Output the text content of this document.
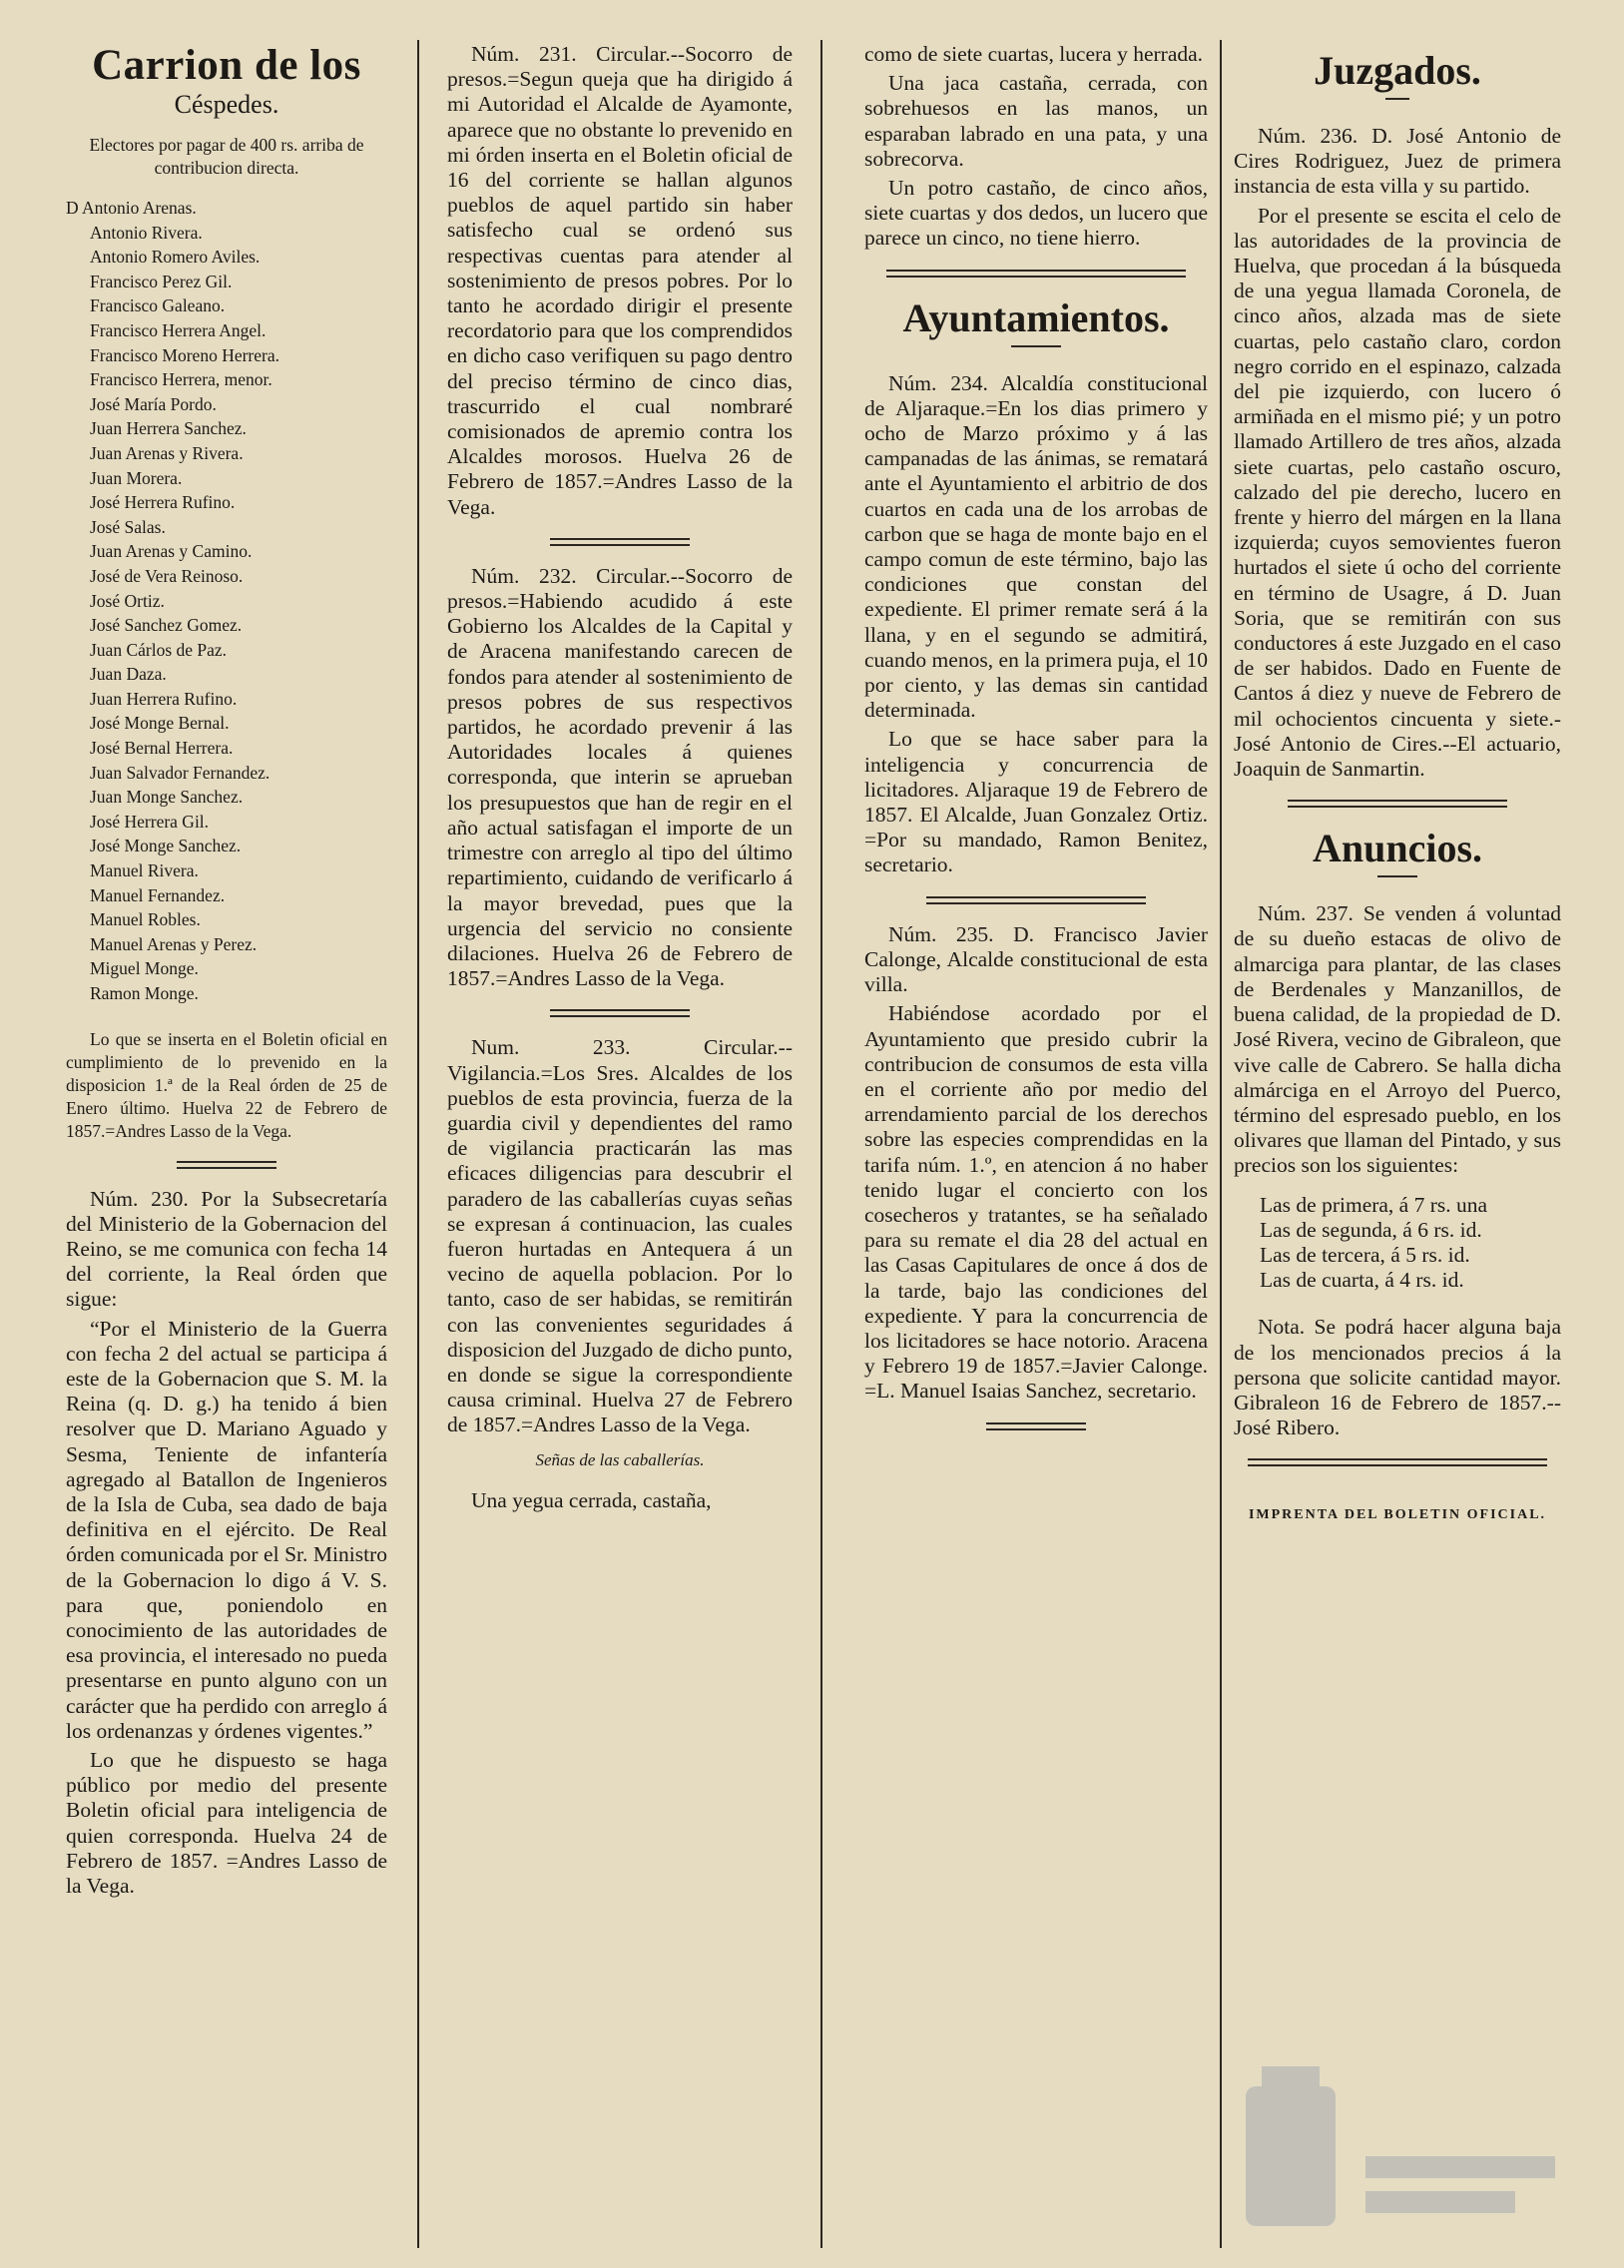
Carrion de los

Céspedes.

Electores por pagar de 400 rs. arriba de contribucion directa.

D Antonio Arenas.
Antonio Rivera.
Antonio Romero Aviles.
Francisco Perez Gil.
Francisco Galeano.
Francisco Herrera Angel.
Francisco Moreno Herrera.
Francisco Herrera, menor.
José María Pordo.
Juan Herrera Sanchez.
Juan Arenas y Rivera.
Juan Morera.
José Herrera Rufino.
José Salas.
Juan Arenas y Camino.
José de Vera Reinoso.
José Ortiz.
José Sanchez Gomez.
Juan Cárlos de Paz.
Juan Daza.
Juan Herrera Rufino.
José Monge Bernal.
José Bernal Herrera.
Juan Salvador Fernandez.
Juan Monge Sanchez.
José Herrera Gil.
José Monge Sanchez.
Manuel Rivera.
Manuel Fernandez.
Manuel Robles.
Manuel Arenas y Perez.
Miguel Monge.
Ramon Monge.

Lo que se inserta en el Boletin oficial en cumplimiento de lo prevenido en la disposicion 1.ª de la Real órden de 25 de Enero último. Huelva 22 de Febrero de 1857.=Andres Lasso de la Vega.

Núm. 230. Por la Subsecretaría del Ministerio de la Gobernacion del Reino, se me comunica con fecha 14 del corriente, la Real órden que sigue:

“Por el Ministerio de la Guerra con fecha 2 del actual se participa á este de la Gobernacion que S. M. la Reina (q. D. g.) ha tenido á bien resolver que D. Mariano Aguado y Sesma, Teniente de infantería agregado al Batallon de Ingenieros de la Isla de Cuba, sea dado de baja definitiva en el ejército. De Real órden comunicada por el Sr. Ministro de la Gobernacion lo digo á V. S. para que, poniendolo en conocimiento de las autoridades de esa provincia, el interesado no pueda presentarse en punto alguno con un carácter que ha perdido con arreglo á los ordenanzas y órdenes vigentes.”

Lo que he dispuesto se haga público por medio del presente Boletin oficial para inteligencia de quien corresponda. Huelva 24 de Febrero de 1857. =Andres Lasso de la Vega.

Núm. 231. Circular.--Socorro de presos.=Segun queja que ha dirigido á mi Autoridad el Alcalde de Ayamonte, aparece que no obstante lo prevenido en mi órden inserta en el Boletin oficial de 16 del corriente se hallan algunos pueblos de aquel partido sin haber satisfecho cual se ordenó sus respectivas cuentas para atender al sostenimiento de presos pobres. Por lo tanto he acordado dirigir el presente recordatorio para que los comprendidos en dicho caso verifiquen su pago dentro del preciso término de cinco dias, trascurrido el cual nombraré comisionados de apremio contra los Alcaldes morosos. Huelva 26 de Febrero de 1857.=Andres Lasso de la Vega.

Núm. 232. Circular.--Socorro de presos.=Habiendo acudido á este Gobierno los Alcaldes de la Capital y de Aracena manifestando carecen de fondos para atender al sostenimiento de presos pobres de sus respectivos partidos, he acordado prevenir á las Autoridades locales á quienes corresponda, que interin se aprueban los presupuestos que han de regir en el año actual satisfagan el importe de un trimestre con arreglo al tipo del último repartimiento, cuidando de verificarlo á la mayor brevedad, pues que la urgencia del servicio no consiente dilaciones. Huelva 26 de Febrero de 1857.=Andres Lasso de la Vega.

Num. 233. Circular.--Vigilancia.=Los Sres. Alcaldes de los pueblos de esta provincia, fuerza de la guardia civil y dependientes del ramo de vigilancia practicarán las mas eficaces diligencias para descubrir el paradero de las caballerías cuyas señas se expresan á continuacion, las cuales fueron hurtadas en Antequera á un vecino de aquella poblacion. Por lo tanto, caso de ser habidas, se remitirán con las convenientes seguridades á disposicion del Juzgado de dicho punto, en donde se sigue la correspondiente causa criminal. Huelva 27 de Febrero de 1857.=Andres Lasso de la Vega.

Señas de las caballerías.

Una yegua cerrada, castaña,

como de siete cuartas, lucera y herrada.

Una jaca castaña, cerrada, con sobrehuesos en las manos, un esparaban labrado en una pata, y una sobrecorva.

Un potro castaño, de cinco años, siete cuartas y dos dedos, un lucero que parece un cinco, no tiene hierro.

Ayuntamientos.

Núm. 234. Alcaldía constitucional de Aljaraque.=En los dias primero y ocho de Marzo próximo y á las campanadas de las ánimas, se rematará ante el Ayuntamiento el arbitrio de dos cuartos en cada una de los arrobas de carbon que se haga de monte bajo en el campo comun de este término, bajo las condiciones que constan del expediente. El primer remate será á la llana, y en el segundo se admitirá, cuando menos, en la primera puja, el 10 por ciento, y las demas sin cantidad determinada.

Lo que se hace saber para la inteligencia y concurrencia de licitadores. Aljaraque 19 de Febrero de 1857. El Alcalde, Juan Gonzalez Ortiz. =Por su mandado, Ramon Benitez, secretario.

Núm. 235. D. Francisco Javier Calonge, Alcalde constitucional de esta villa.

Habiéndose acordado por el Ayuntamiento que presido cubrir la contribucion de consumos de esta villa en el corriente año por medio del arrendamiento parcial de los derechos sobre las especies comprendidas en la tarifa núm. 1.º, en atencion á no haber tenido lugar el concierto con los cosecheros y tratantes, se ha señalado para su remate el dia 28 del actual en las Casas Capitulares de once á dos de la tarde, bajo las condiciones del expediente. Y para la concurrencia de los licitadores se hace notorio. Aracena y Febrero 19 de 1857.=Javier Calonge. =L. Manuel Isaias Sanchez, secretario.

Juzgados.

Núm. 236. D. José Antonio de Cires Rodriguez, Juez de primera instancia de esta villa y su partido.

Por el presente se escita el celo de las autoridades de la provincia de Huelva, que procedan á la búsqueda de una yegua llamada Coronela, de cinco años, alzada mas de siete cuartas, pelo castaño claro, cordon negro corrido en el espinazo, calzada del pie izquierdo, con lucero ó armiñada en el mismo pié; y un potro llamado Artillero de tres años, alzada siete cuartas, pelo castaño oscuro, calzado del pie derecho, lucero en frente y hierro del márgen en la llana izquierda; cuyos semovientes fueron hurtados el siete ú ocho del corriente en término de Usagre, á D. Juan Soria, que se remitirán con sus conductores á este Juzgado en el caso de ser habidos. Dado en Fuente de Cantos á diez y nueve de Febrero de mil ochocientos cincuenta y siete.-José Antonio de Cires.--El actuario, Joaquin de Sanmartin.

Anuncios.

Núm. 237. Se venden á voluntad de su dueño estacas de olivo de almarciga para plantar, de las clases de Berdenales y Manzanillos, de buena calidad, de la propiedad de D. José Rivera, vecino de Gibraleon, que vive calle de Cabrero. Se halla dicha almárciga en el Arroyo del Puerco, término del espresado pueblo, en los olivares que llaman del Pintado, y sus precios son los siguientes:

Las de primera, á 7 rs. una
Las de segunda, á 6 rs. id.
Las de tercera, á 5 rs. id.
Las de cuarta, á 4 rs. id.

Nota. Se podrá hacer alguna baja de los mencionados precios á la persona que solicite cantidad mayor. Gibraleon 16 de Febrero de 1857.--José Ribero.

IMPRENTA DEL BOLETIN OFICIAL.
